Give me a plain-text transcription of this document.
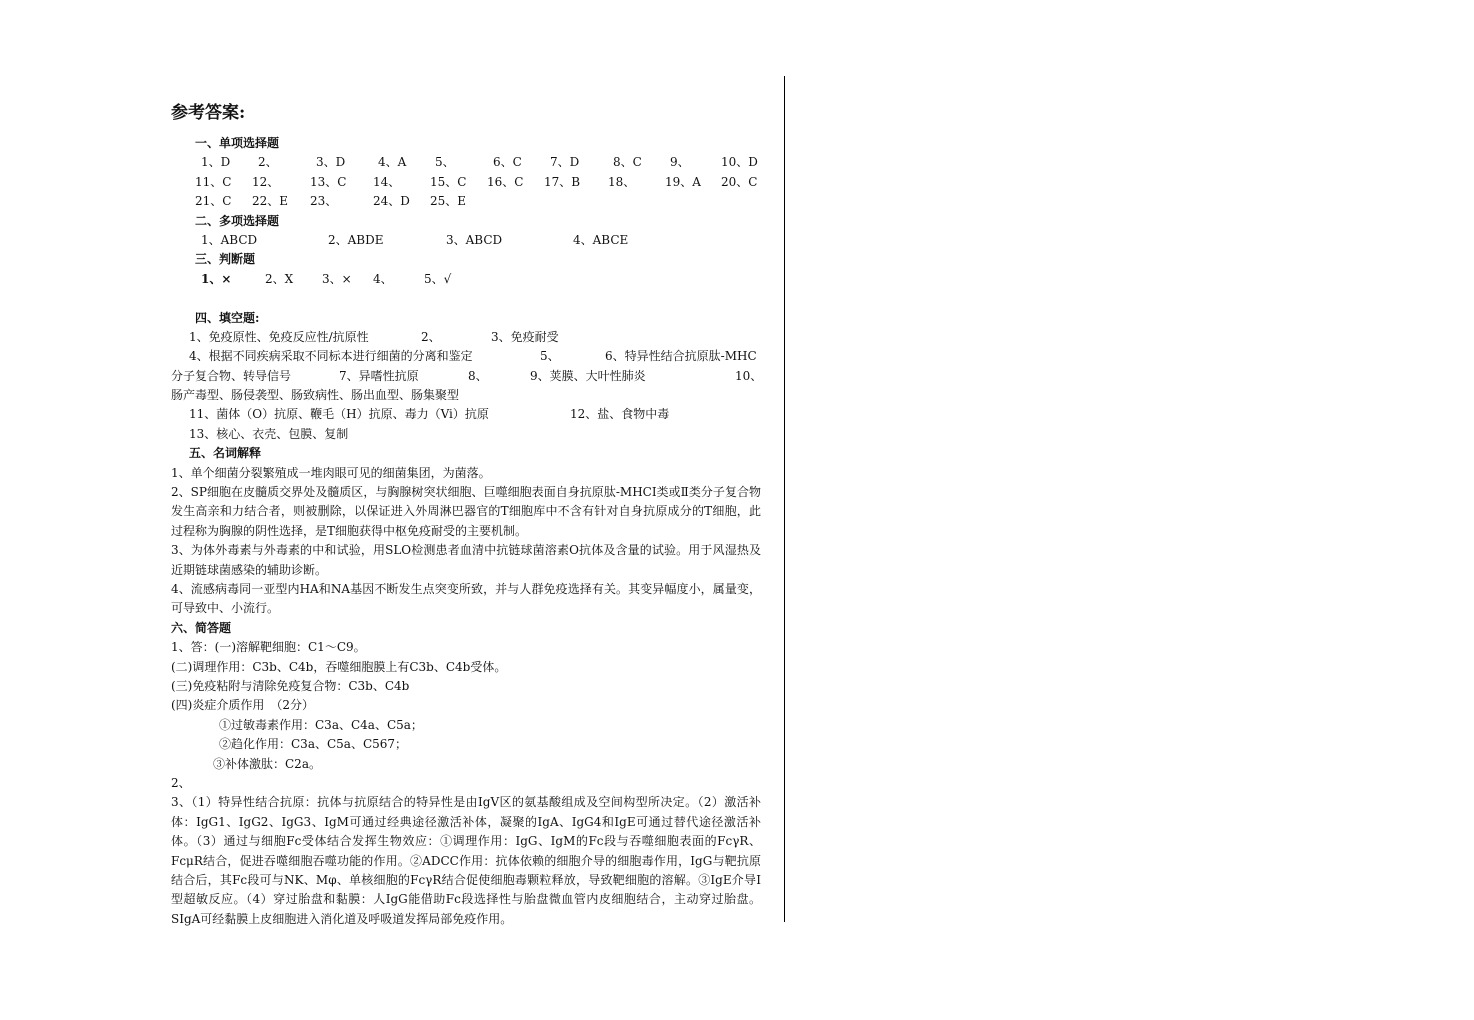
参考答案:
一、单项选择题
1、D 2、	3、D	4、A 5、	6、C 7、D	8、C 9、	10、D
11、C 12、	13、C 14、 15、C 16、C 17、B 18、 19、A 20、C
21、C 22、E 23、	24、D 25、E
二、多项选择题
1、ABCD	2、ABDE	3、ABCD	4、ABCE
三、判断题
1、×	2、X 3、× 4、	5、√
四、填空题:
1、免疫原性、免疫反应性/抗原性	2、	3、免疫耐受
4、根据不同疾病采取不同标本进行细菌的分离和鉴定	5、	6、特异性结合抗原肽-MHC
分子复合物、转导信号	7、异嗜性抗原	8、	9、荚膜、大叶性肺炎	10、
肠产毒型、肠侵袭型、肠致病性、肠出血型、肠集聚型
11、菌体（O）抗原、鞭毛（H）抗原、毒力（Vi）抗原	12、盐、食物中毒
13、核心、衣壳、包膜、复制
五、名词解释
1、单个细菌分裂繁殖成一堆肉眼可见的细菌集团，为菌落。
2、SP细胞在皮髓质交界处及髓质区，与胸腺树突状细胞、巨噬细胞表面自身抗原肽-MHCⅠ类或Ⅱ类分子复合物发生高亲和力结合者，则被删除，以保证进入外周淋巴器官的T细胞库中不含有针对自身抗原成分的T细胞，此过程称为胸腺的阴性选择，是T细胞获得中枢免疫耐受的主要机制。
3、为体外毒素与外毒素的中和试验，用SLO检测患者血清中抗链球菌溶素O抗体及含量的试验。用于风湿热及近期链球菌感染的辅助诊断。
4、流感病毒同一亚型内HA和NA基因不断发生点突变所致，并与人群免疫选择有关。其变异幅度小，属量变，可导致中、小流行。
六、简答题
1、答：(一)溶解靶细胞：C1～C9。
(二)调理作用：C3b、C4b，吞噬细胞膜上有C3b、C4b受体。
(三)免疫粘附与清除免疫复合物：C3b、C4b
(四)炎症介质作用　（2分）
①过敏毒素作用：C3a、C4a、C5a；
②趋化作用：C3a、C5a、C567；
③补体激肽：C2a。
2、
3、（1）特异性结合抗原：抗体与抗原结合的特异性是由IgV区的氨基酸组成及空间构型所决定。（2）激活补体：IgG1、IgG2、IgG3、IgM可通过经典途径激活补体，凝聚的IgA、IgG4和IgE可通过替代途径激活补体。（3）通过与细胞Fc受体结合发挥生物效应：①调理作用：IgG、IgM的Fc段与吞噬细胞表面的FcγR、FcμR结合，促进吞噬细胞吞噬功能的作用。②ADCC作用：抗体依赖的细胞介导的细胞毒作用，IgG与靶抗原结合后，其Fc段可与NK、Mφ、单核细胞的FcγR结合促使细胞毒颗粒释放，导致靶细胞的溶解。③IgE介导Ⅰ型超敏反应。（4）穿过胎盘和黏膜：人IgG能借助Fc段选择性与胎盘微血管内皮细胞结合，主动穿过胎盘。SIgA可经黏膜上皮细胞进入消化道及呼吸道发挥局部免疫作用。
